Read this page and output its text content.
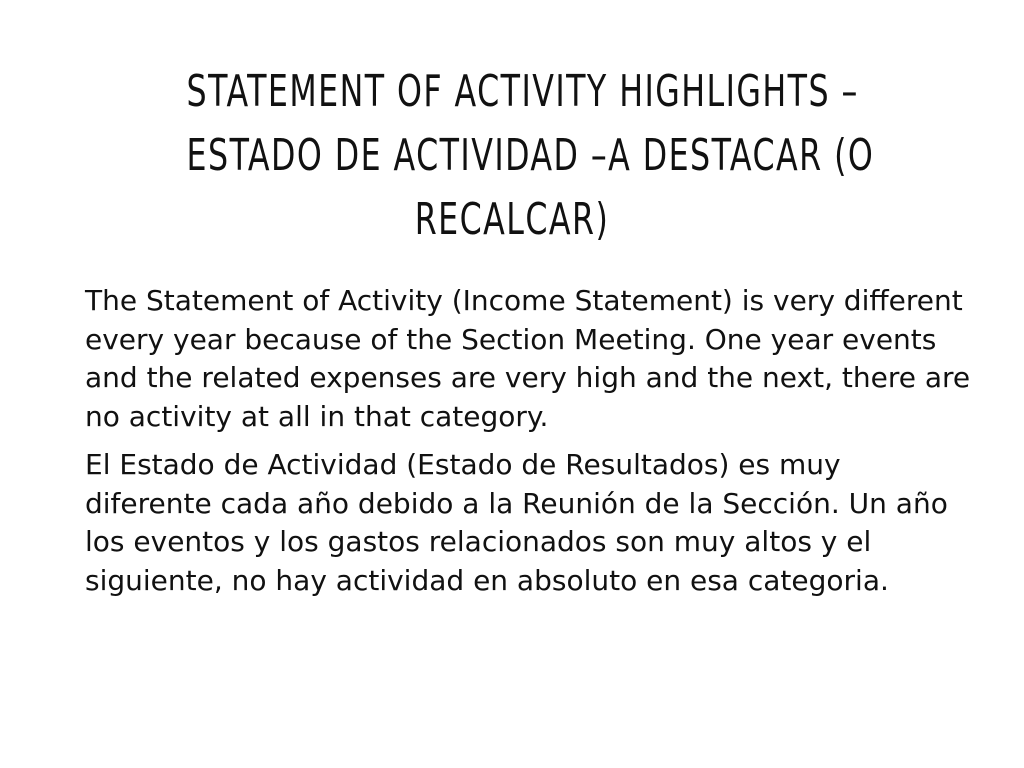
STATEMENT OF ACTIVITY HIGHLIGHTS –
ESTADO DE ACTIVIDAD –A DESTACAR (O
RECALCAR)

The Statement of Activity (Income Statement) is very different every year because of the Section Meeting. One year events and the related expenses are very high and the next, there are no activity at all in that category.

El Estado de Actividad (Estado de Resultados) es muy diferente cada año debido a la Reunión de la Sección. Un año los eventos y los gastos relacionados son muy altos y el siguiente, no hay actividad en absoluto en esa categoria.
